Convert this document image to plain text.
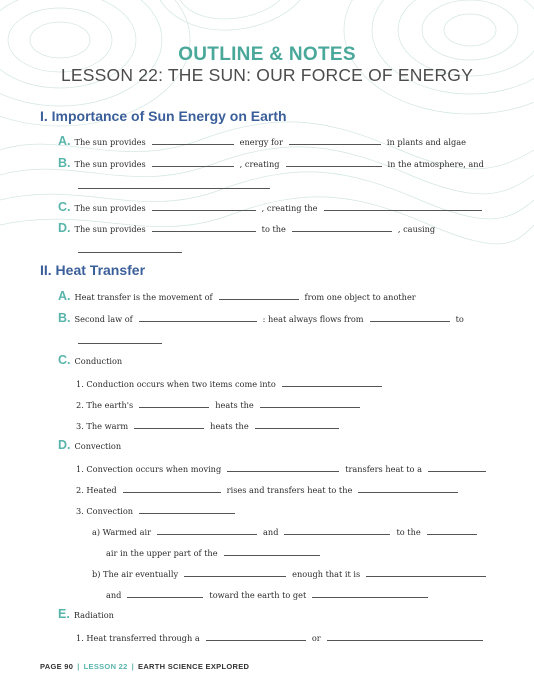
OUTLINE & NOTES
LESSON 22: THE SUN: OUR FORCE OF ENERGY
I. Importance of Sun Energy on Earth
A. The sun provides	energy for	in plants and algae
B. The sun provides	, creating	in the atmosphere, and
C. The sun provides	, creating the
D. The sun provides	to the	, causing
II. Heat Transfer
A. Heat transfer is the movement of	from one object to another
B. Second law of	: heat always flows from	to
C. Conduction
1. Conduction occurs when two items come into
2. The earth's	heats the
3. The warm	heats the
D. Convection
1. Convection occurs when moving	transfers heat to a
2. Heated	rises and transfers heat to the
3. Convection
a) Warmed air	and	to the
air in the upper part of the
b) The air eventually	enough that it is
and	toward the earth to get
E. Radiation
1. Heat transferred through a	or
PAGE 90 | LESSON 22 | EARTH SCIENCE EXPLORED
